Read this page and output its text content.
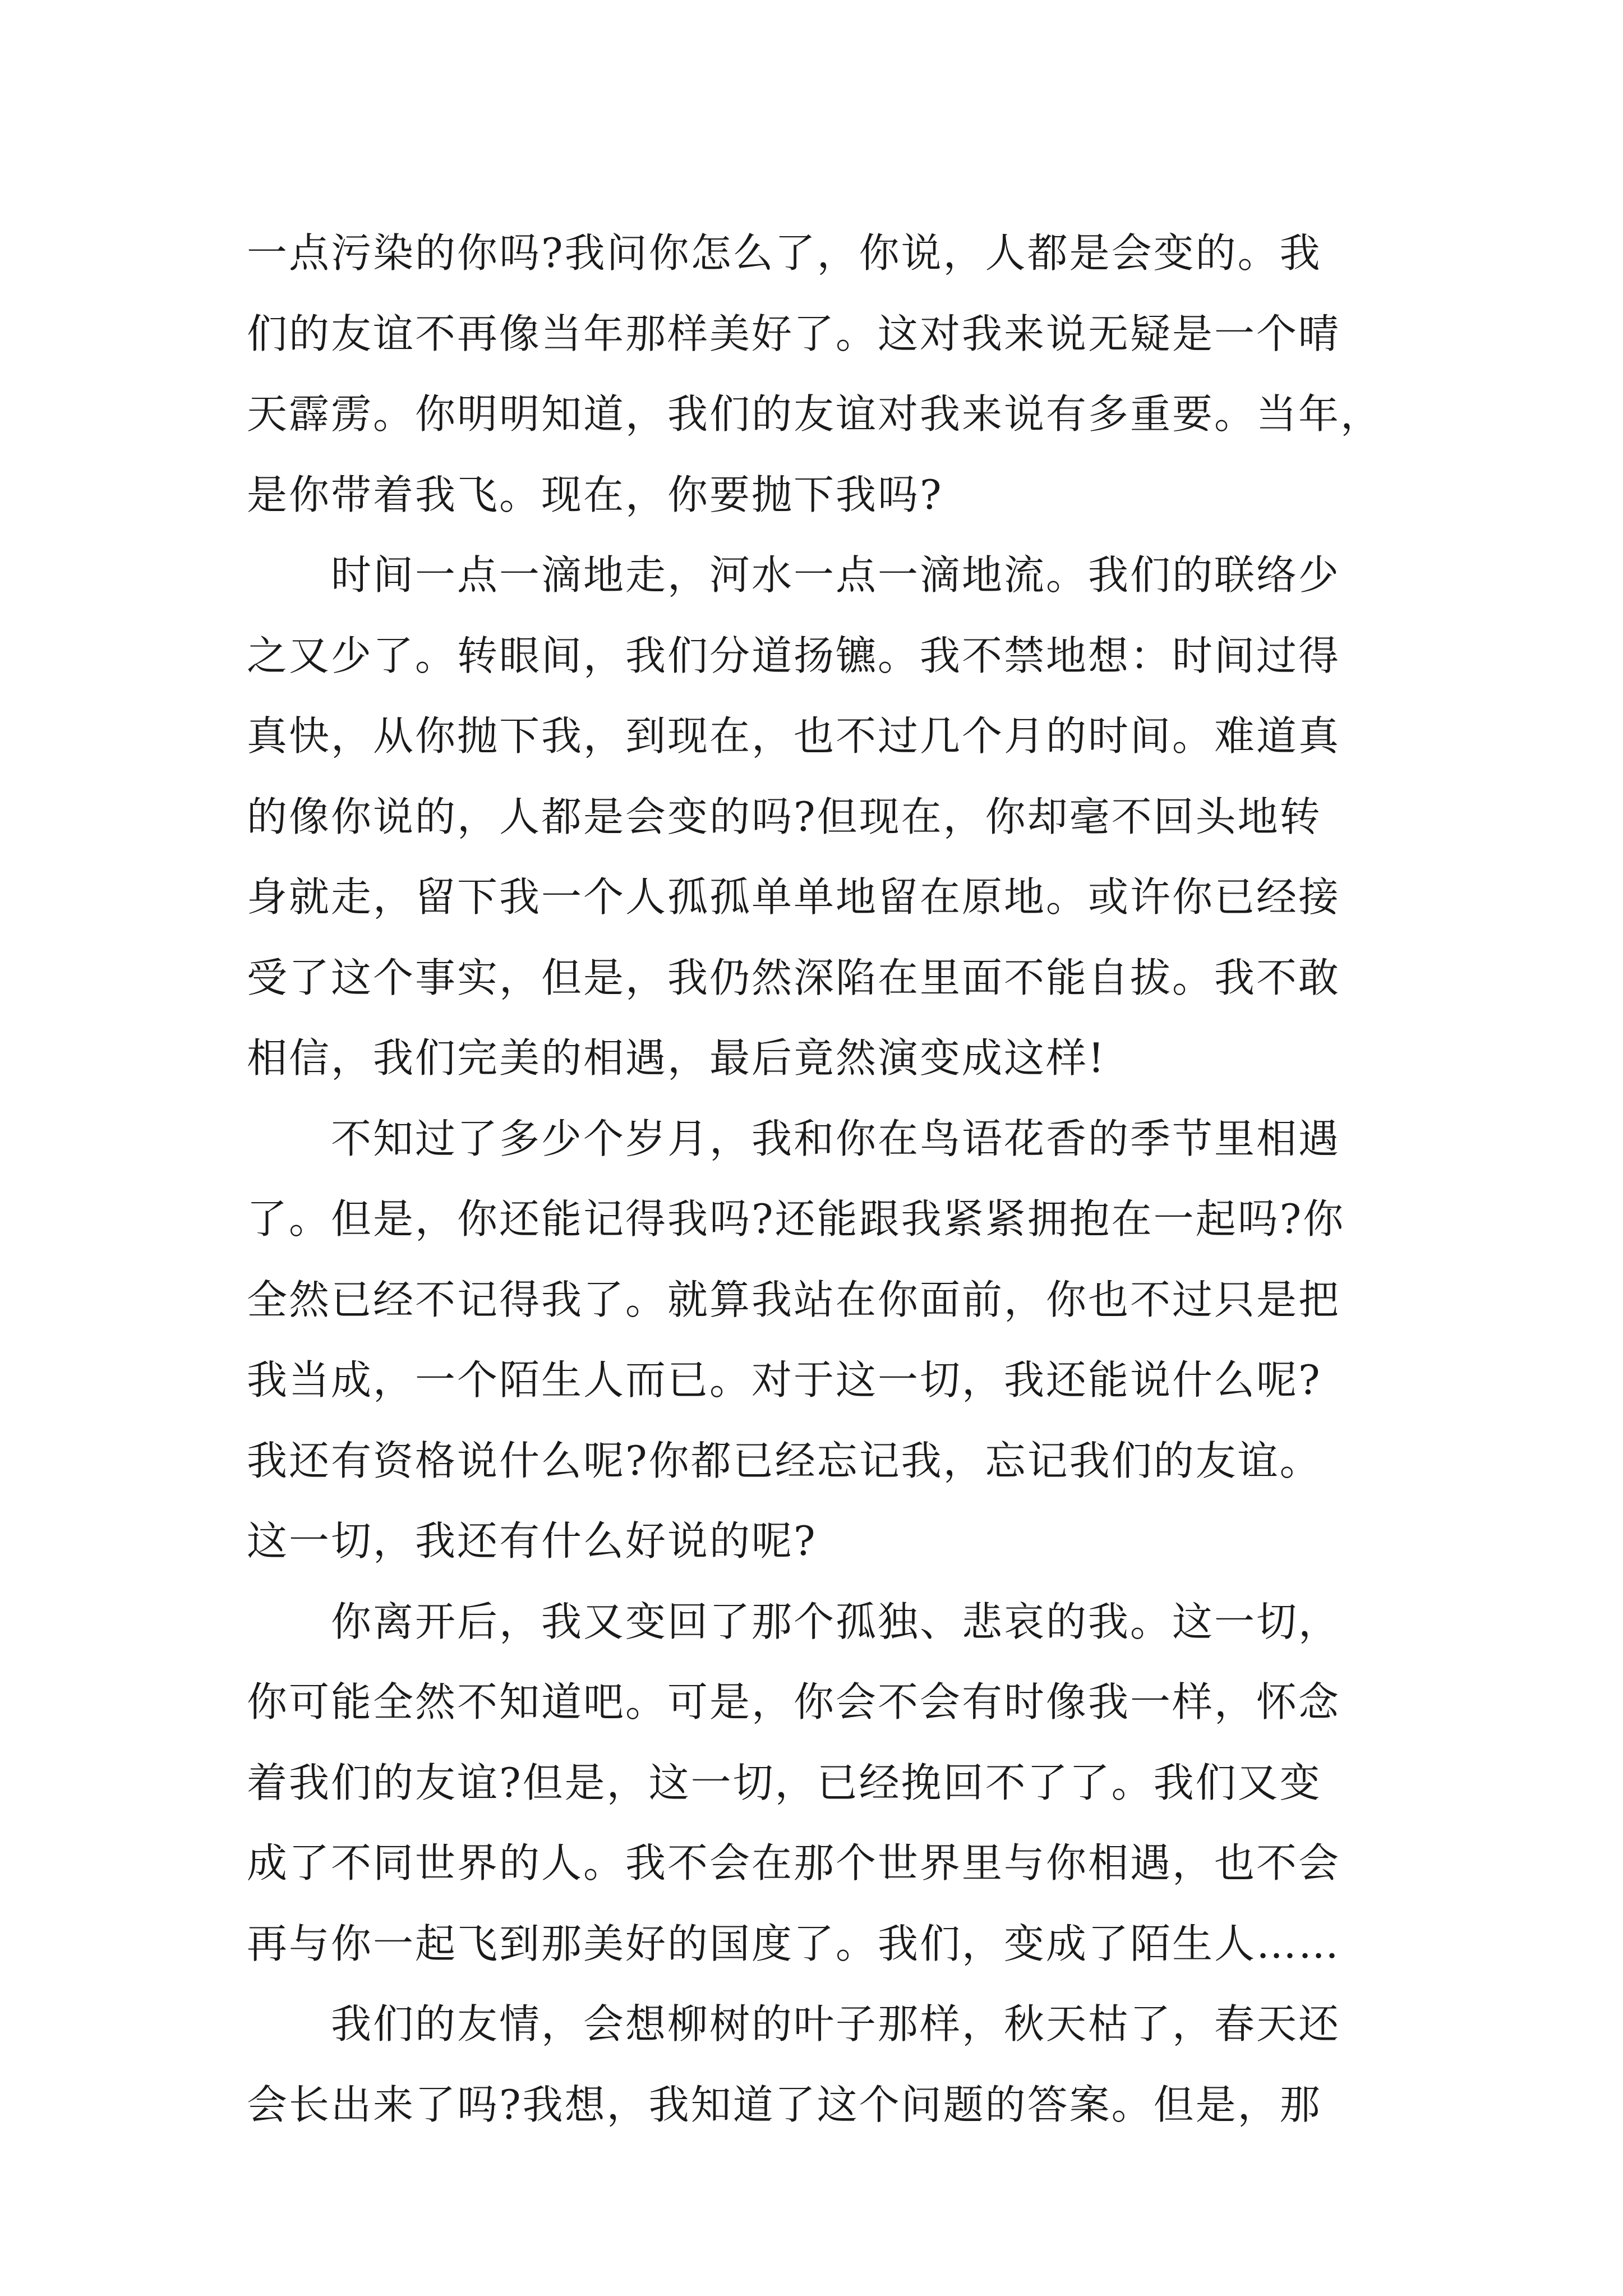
一点污染的你吗?我问你怎么了，你说，人都是会变的。我
们的友谊不再像当年那样美好了。这对我来说无疑是一个晴
天霹雳。你明明知道，我们的友谊对我来说有多重要。当年，
是你带着我飞。现在，你要抛下我吗?
　　时间一点一滴地走，河水一点一滴地流。我们的联络少
之又少了。转眼间，我们分道扬镳。我不禁地想：时间过得
真快，从你抛下我，到现在，也不过几个月的时间。难道真
的像你说的，人都是会变的吗?但现在，你却毫不回头地转
身就走，留下我一个人孤孤单单地留在原地。或许你已经接
受了这个事实，但是，我仍然深陷在里面不能自拔。我不敢
相信，我们完美的相遇，最后竟然演变成这样!
　　不知过了多少个岁月，我和你在鸟语花香的季节里相遇
了。但是，你还能记得我吗?还能跟我紧紧拥抱在一起吗?你
全然已经不记得我了。就算我站在你面前，你也不过只是把
我当成，一个陌生人而已。对于这一切，我还能说什么呢?
我还有资格说什么呢?你都已经忘记我，忘记我们的友谊。
这一切，我还有什么好说的呢?
　　你离开后，我又变回了那个孤独、悲哀的我。这一切，
你可能全然不知道吧。可是，你会不会有时像我一样，怀念
着我们的友谊?但是，这一切，已经挽回不了了。我们又变
成了不同世界的人。我不会在那个世界里与你相遇，也不会
再与你一起飞到那美好的国度了。我们，变成了陌生人……
　　我们的友情，会想柳树的叶子那样，秋天枯了，春天还
会长出来了吗?我想，我知道了这个问题的答案。但是，那
